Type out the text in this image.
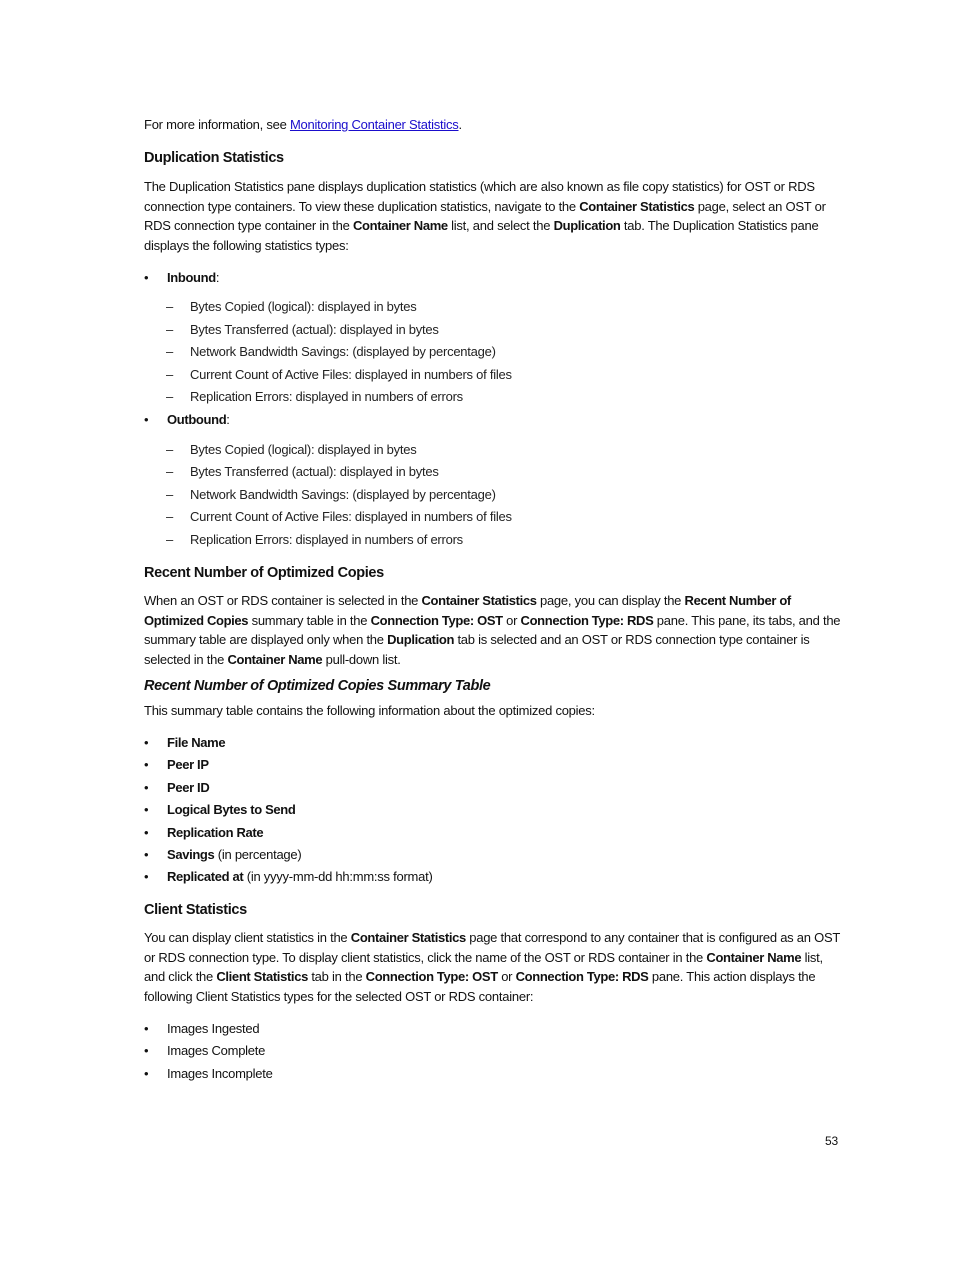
For more information, see Monitoring Container Statistics.

Duplication Statistics

The Duplication Statistics pane displays duplication statistics (which are also known as file copy statistics) for OST or RDS connection type containers. To view these duplication statistics, navigate to the Container Statistics page, select an OST or RDS connection type container in the Container Name list, and select the Duplication tab. The Duplication Statistics pane displays the following statistics types:

•	Inbound:
– Bytes Copied (logical): displayed in bytes
– Bytes Transferred (actual): displayed in bytes
– Network Bandwidth Savings: (displayed by percentage)
– Current Count of Active Files: displayed in numbers of files
– Replication Errors: displayed in numbers of errors
•	Outbound:
– Bytes Copied (logical): displayed in bytes
– Bytes Transferred (actual): displayed in bytes
– Network Bandwidth Savings: (displayed by percentage)
– Current Count of Active Files: displayed in numbers of files
– Replication Errors: displayed in numbers of errors
Recent Number of Optimized Copies

When an OST or RDS container is selected in the Container Statistics page, you can display the Recent Number of Optimized Copies summary table in the Connection Type: OST or Connection Type: RDS pane. This pane, its tabs, and the summary table are displayed only when the Duplication tab is selected and an OST or RDS connection type container is selected in the Container Name pull-down list.

Recent Number of Optimized Copies Summary Table

This summary table contains the following information about the optimized copies:

•	File Name
•	Peer IP
•	Peer ID
•	Logical Bytes to Send
•	Replication Rate
•	Savings (in percentage)
•	Replicated at (in yyyy-mm-dd hh:mm:ss format)
Client Statistics

You can display client statistics in the Container Statistics page that correspond to any container that is configured as an OST or RDS connection type. To display client statistics, click the name of the OST or RDS container in the Container Name list, and click the Client Statistics tab in the Connection Type: OST or Connection Type: RDS pane. This action displays the following Client Statistics types for the selected OST or RDS container:

•	Images Ingested
•	Images Complete
•	Images Incomplete
53
